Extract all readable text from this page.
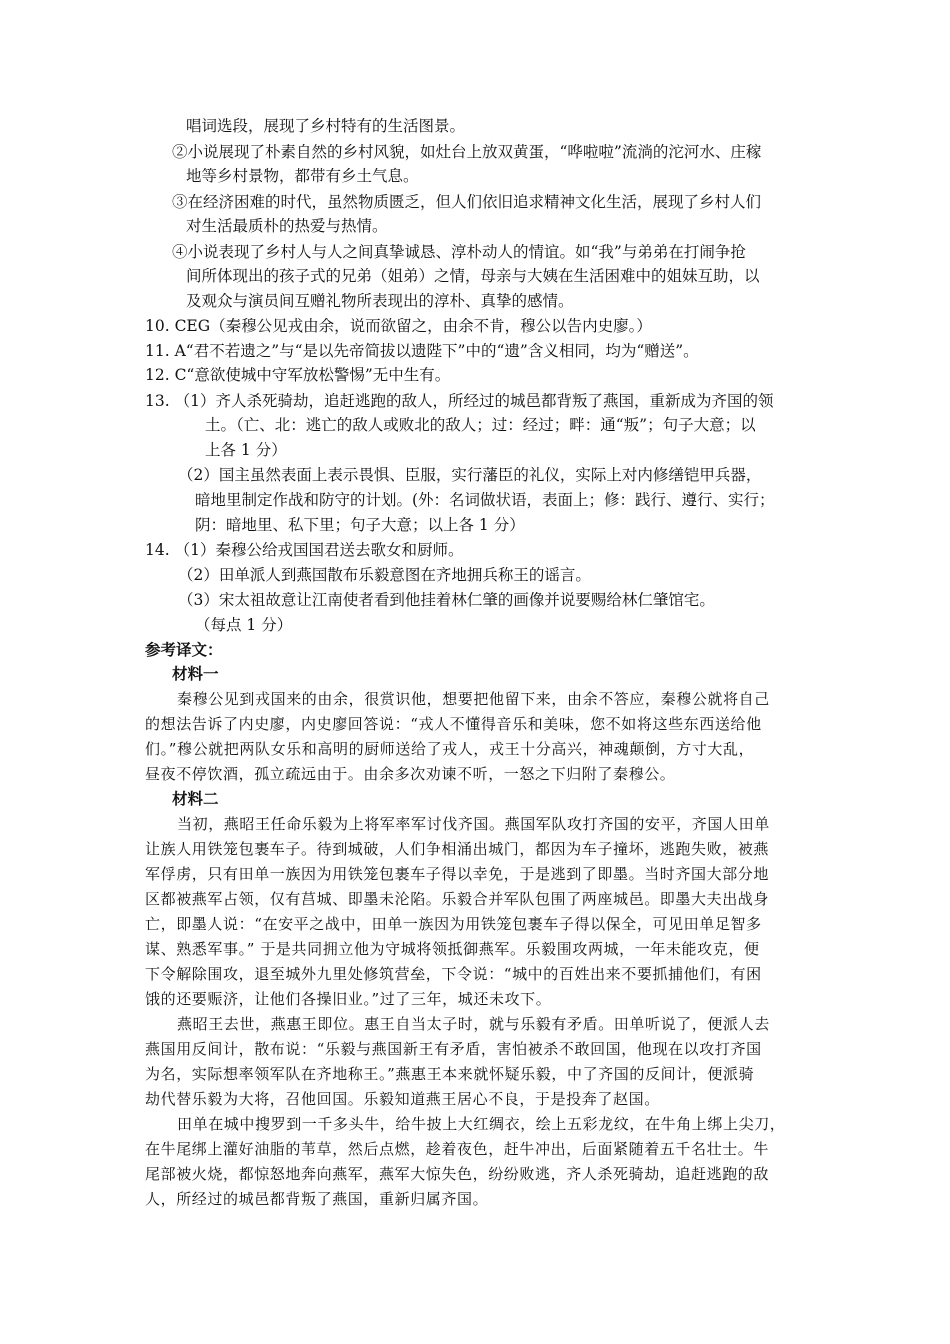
唱词选段，展现了乡村特有的生活图景。
②小说展现了朴素自然的乡村风貌，如灶台上放双黄蛋，“哗啦啦”流淌的沱河水、庄稼
地等乡村景物，都带有乡土气息。
③在经济困难的时代，虽然物质匮乏，但人们依旧追求精神文化生活，展现了乡村人们
对生活最质朴的热爱与热情。
④小说表现了乡村人与人之间真挚诚恳、淳朴动人的情谊。如“我”与弟弟在打闹争抢
间所体现出的孩子式的兄弟（姐弟）之情，母亲与大姨在生活困难中的姐妹互助，以
及观众与演员间互赠礼物所表现出的淳朴、真挚的感情。
10. CEG（秦穆公见戎由余，说而欲留之，由余不肯，穆公以告内史廖。）
11. A“君不若遗之”与“是以先帝简拔以遗陛下”中的“遗”含义相同，均为“赠送”。
12. C“意欲使城中守军放松警惕”无中生有。
13. （1）齐人杀死骑劫，追赶逃跑的敌人，所经过的城邑都背叛了燕国，重新成为齐国的领
土。（亡、北：逃亡的敌人或败北的敌人；过：经过；畔：通“叛”；句子大意；以
上各 1 分）
（2）国主虽然表面上表示畏惧、臣服，实行藩臣的礼仪，实际上对内修缮铠甲兵器，
暗地里制定作战和防守的计划。(外：名词做状语，表面上；修：践行、遵行、实行；
阴：暗地里、私下里；句子大意；以上各 1 分）
14. （1）秦穆公给戎国国君送去歌女和厨师。
（2）田单派人到燕国散布乐毅意图在齐地拥兵称王的谣言。
（3）宋太祖故意让江南使者看到他挂着林仁肇的画像并说要赐给林仁肇馆宅。
（每点 1 分）
参考译文：
材料一
秦穆公见到戎国来的由余，很赏识他，想要把他留下来，由余不答应，秦穆公就将自己
的想法告诉了内史廖，内史廖回答说：“戎人不懂得音乐和美味，您不如将这些东西送给他
们。”穆公就把两队女乐和高明的厨师送给了戎人，戎王十分高兴，神魂颠倒，方寸大乱，
昼夜不停饮酒，孤立疏远由于。由余多次劝谏不听，一怒之下归附了秦穆公。
材料二
当初，燕昭王任命乐毅为上将军率军讨伐齐国。燕国军队攻打齐国的安平，齐国人田单
让族人用铁笼包裹车子。待到城破，人们争相涌出城门，都因为车子撞坏，逃跑失败，被燕
军俘虏，只有田单一族因为用铁笼包裹车子得以幸免，于是逃到了即墨。当时齐国大部分地
区都被燕军占领，仅有莒城、即墨未沦陷。乐毅合并军队包围了两座城邑。即墨大夫出战身
亡，即墨人说：“在安平之战中，田单一族因为用铁笼包裹车子得以保全，可见田单足智多
谋、熟悉军事。” 于是共同拥立他为守城将领抵御燕军。乐毅围攻两城，一年未能攻克，便
下令解除围攻，退至城外九里处修筑营垒，下令说：“城中的百姓出来不要抓捕他们，有困
饿的还要赈济，让他们各操旧业。”过了三年，城还未攻下。
燕昭王去世，燕惠王即位。惠王自当太子时，就与乐毅有矛盾。田单听说了，便派人去
燕国用反间计，散布说：“乐毅与燕国新王有矛盾，害怕被杀不敢回国，他现在以攻打齐国
为名，实际想率领军队在齐地称王。”燕惠王本来就怀疑乐毅，中了齐国的反间计，便派骑
劫代替乐毅为大将，召他回国。乐毅知道燕王居心不良，于是投奔了赵国。
田单在城中搜罗到一千多头牛，给牛披上大红绸衣，绘上五彩龙纹，在牛角上绑上尖刀，
在牛尾绑上灌好油脂的苇草，然后点燃，趁着夜色，赶牛冲出，后面紧随着五千名壮士。牛
尾部被火烧，都惊怒地奔向燕军，燕军大惊失色，纷纷败逃，齐人杀死骑劫，追赶逃跑的敌
人，所经过的城邑都背叛了燕国，重新归属齐国。
